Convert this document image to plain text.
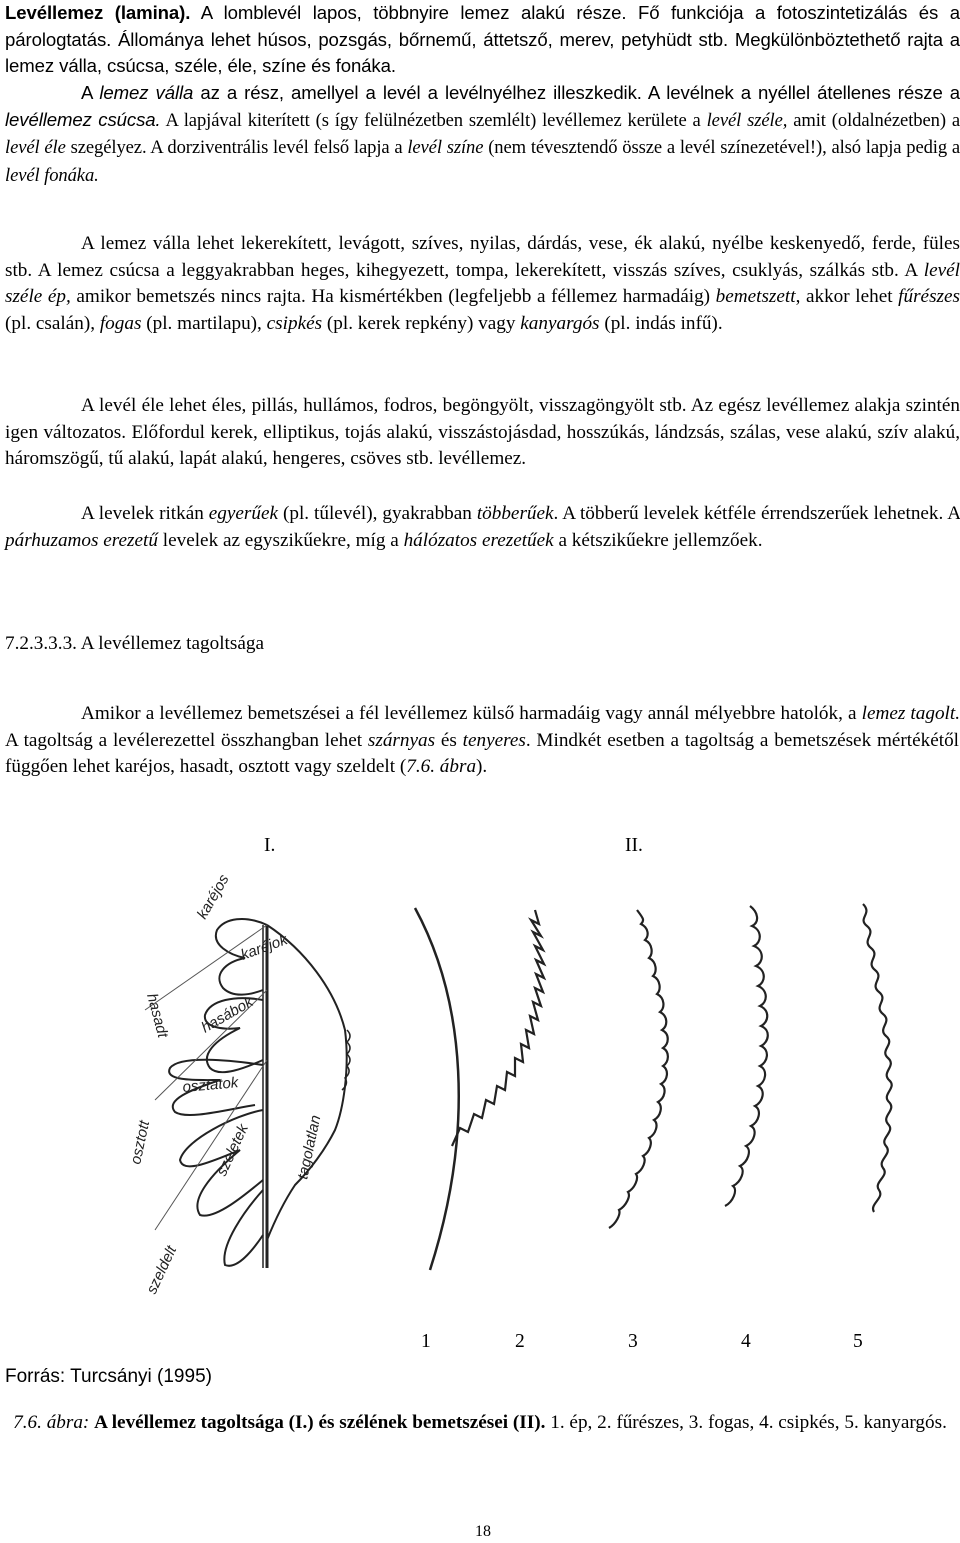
Levéllemez (lamina). A lomblevél lapos, többnyire lemez alakú része. Fő funkciója a fotoszintetizálás és a párologtatás. Állománya lehet húsos, pozsgás, bőrnemű, áttetsző, merev, petyhüdt stb. Megkülönböztethető rajta a lemez válla, csúcsa, széle, éle, színe és fonáka.
A lemez válla az a rész, amellyel a levél a levélnyélhez illeszkedik. A levélnek a nyéllel átellenes része a levéllemez csúcsa. A lapjával kiterített (s így felülnézetben szemlélt) levéllemez kerülete a levél széle, amit (oldalnézetben) a levél éle szegélyez. A dorziventrális levél felső lapja a levél színe (nem tévesztendő össze a levél színezetével!), alsó lapja pedig a levél fonáka.
A lemez válla lehet lekerekített, levágott, szíves, nyilas, dárdás, vese, ék alakú, nyélbe keskenyedő, ferde, füles stb. A lemez csúcsa a leggyakrabban heges, kihegyezett, tompa, lekerekített, visszás szíves, csuklyás, szálkás stb. A levél széle ép, amikor bemetszés nincs rajta. Ha kismértékben (legfeljebb a féllemez harmadáig) bemetszett, akkor lehet fűrészes (pl. csalán), fogas (pl. martilapu), csipkés (pl. kerek repkény) vagy kanyargós (pl. indás infű).
A levél éle lehet éles, pillás, hullámos, fodros, begöngyölt, visszagöngyölt stb. Az egész levéllemez alakja szintén igen változatos. Előfordul kerek, elliptikus, tojás alakú, visszástojásdad, hosszúkás, lándzsás, szálas, vese alakú, szív alakú, háromszögű, tű alakú, lapát alakú, hengeres, csöves stb. levéllemez.
A levelek ritkán egyerűek (pl. tűlevél), gyakrabban többerűek. A többerű levelek kétféle érrendszerűek lehetnek. A párhuzamos erezetű levelek az egyszikűekre, míg a hálózatos erezetűek a kétszikűekre jellemzőek.
7.2.3.3.3. A levéllemez tagoltsága
Amikor a levéllemez bemetszései a fél levéllemez külső harmadáig vagy annál mélyebbre hatolók, a lemez tagolt. A tagoltság a levélerezettel összhangban lehet szárnyas és tenyeres. Mindkét esetben a tagoltság a bemetszések mértékétől függően lehet karéjos, hasadt, osztott vagy szeldelt (7.6. ábra).
I.	II.
karéjos
karéjok
hasadt hasábok
tagolatlan
osztott
osztatok
szeletek
szeldelt
1	2	3	4	5
Forrás: Turcsányi (1995)
7.6. ábra: A levéllemez tagoltsága (I.) és szélének bemetszései (II). 1. ép, 2. fűrészes, 3. fogas, 4. csipkés, 5. kanyargós.
18
